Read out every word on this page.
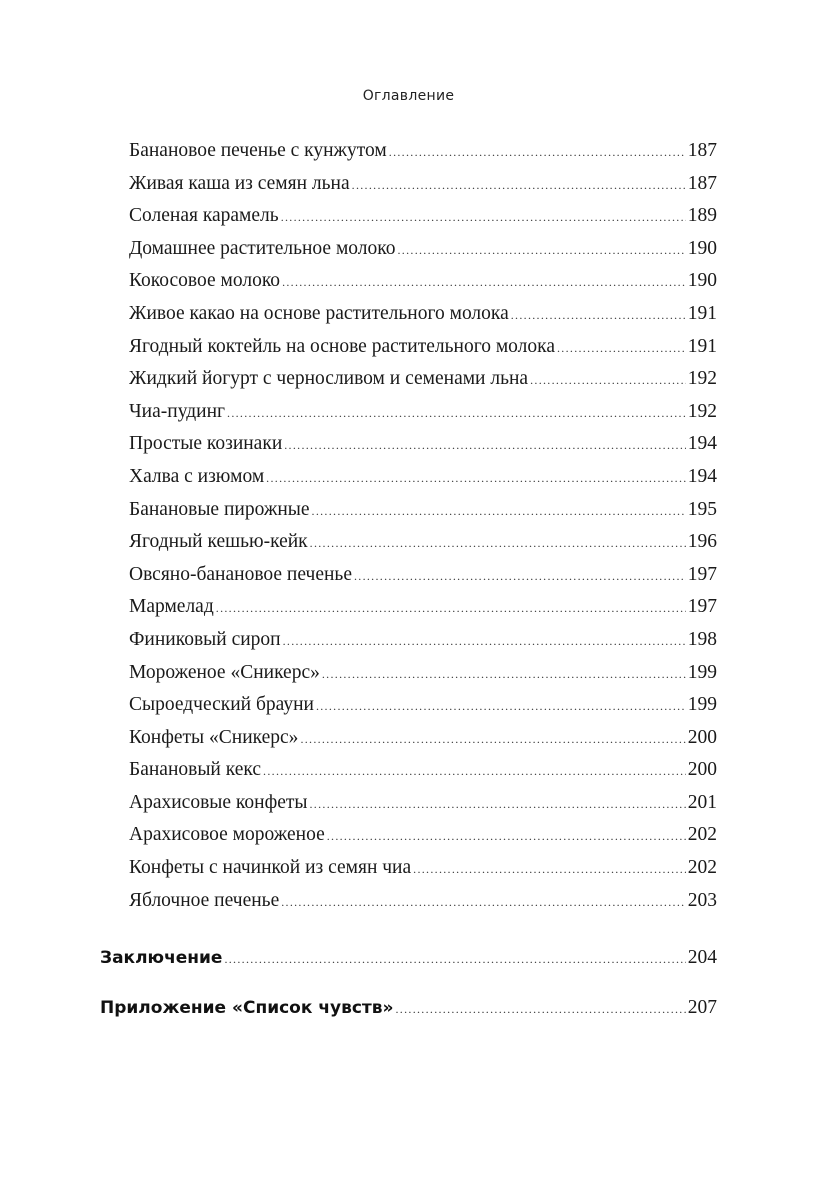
Оглавление
Банановое печенье с кунжутом .....	187
Живая каша из семян льна .....	187
Соленая карамель .....	189
Домашнее растительное молоко .....	190
Кокосовое молоко .....	190
Живое какао на основе растительного молока .....	191
Ягодный коктейль на основе растительного молока .....	191
Жидкий йогурт с черносливом и семенами льна .....	192
Чиа-пудинг .....	192
Простые козинаки .....	194
Халва с изюмом .....	194
Банановые пирожные .....	195
Ягодный кешью-кейк .....	196
Овсяно-банановое печенье .....	197
Мармелад .....	197
Финиковый сироп .....	198
Мороженое «Сникерс» .....	199
Сыроедческий брауни .....	199
Конфеты «Сникерс» .....	200
Банановый кекс .....	200
Арахисовые конфеты .....	201
Арахисовое мороженое .....	202
Конфеты с начинкой из семян чиа .....	202
Яблочное печенье .....	203
Заключение .....	204
Приложение «Список чувств» .....	207
